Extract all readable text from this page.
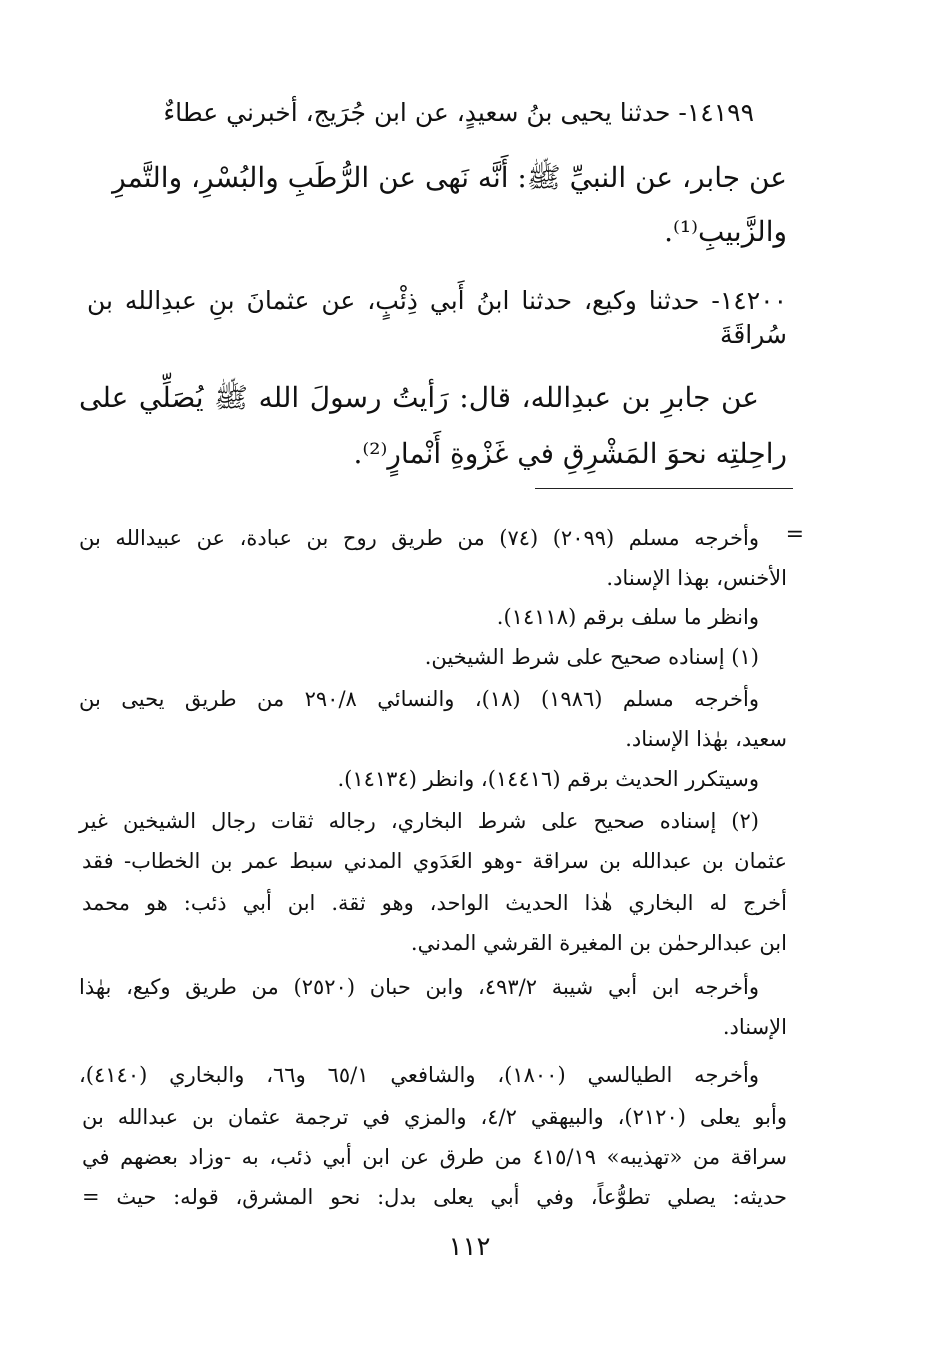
١٤١٩٩- حدثنا يحيى بنُ سعيدٍ، عن ابن جُرَيج، أخبرني عطاءٌ
عن جابر، عن النبيِّ ﷺ: أَنَّه نَهى عن الرُّطَبِ والبُسْرِ، والتَّمرِ
والزَّبيبِ⁽¹⁾.
١٤٢٠٠- حدثنا وكيع، حدثنا ابنُ أَبي ذِئْبٍ، عن عثمانَ بنِ عبدِالله بن
سُراقَةَ
عن جابرِ بن عبدِالله، قال: رَأيتُ رسولَ الله ﷺ يُصَلِّي على
راحِلتِه نحوَ المَشْرِقِ في غَزْوةِ أَنْمارٍ⁽²⁾.
=
وأخرجه مسلم (٢٠٩٩) (٧٤) من طريق روح بن عبادة، عن عبيدالله بن
الأخنس، بهذا الإسناد.
وانظر ما سلف برقم (١٤١١٨).
(١) إسناده صحيح على شرط الشيخين.
وأخرجه مسلم (١٩٨٦) (١٨)، والنسائي ٢٩٠/٨ من طريق يحيى بن
سعيد، بهٰذا الإسناد.
وسيتكرر الحديث برقم (١٤٤١٦)، وانظر (١٤١٣٤).
(٢) إسناده صحيح على شرط البخاري، رجاله ثقات رجال الشيخين غير
عثمان بن عبدالله بن سراقة -وهو العَدَوي المدني سبط عمر بن الخطاب- فقد
أخرج له البخاري هٰذا الحديث الواحد، وهو ثقة. ابن أبي ذئب: هو محمد
ابن عبدالرحمٰن بن المغيرة القرشي المدني.
وأخرجه ابن أبي شيبة ٤٩٣/٢، وابن حبان (٢٥٢٠) من طريق وكيع، بهٰذا
الإسناد.
وأخرجه الطيالسي (١٨٠٠)، والشافعي ٦٥/١ و٦٦، والبخاري (٤١٤٠)،
وأبو يعلى (٢١٢٠)، والبيهقي ٤/٢، والمزي في ترجمة عثمان بن عبدالله بن
سراقة من «تهذيبه» ٤١٥/١٩ من طرق عن ابن أبي ذئب، به -وزاد بعضهم في
حديثه: يصلي تطوُّعاً، وفي أبي يعلى بدل: نحو المشرق، قوله: حيث =
١١٢
